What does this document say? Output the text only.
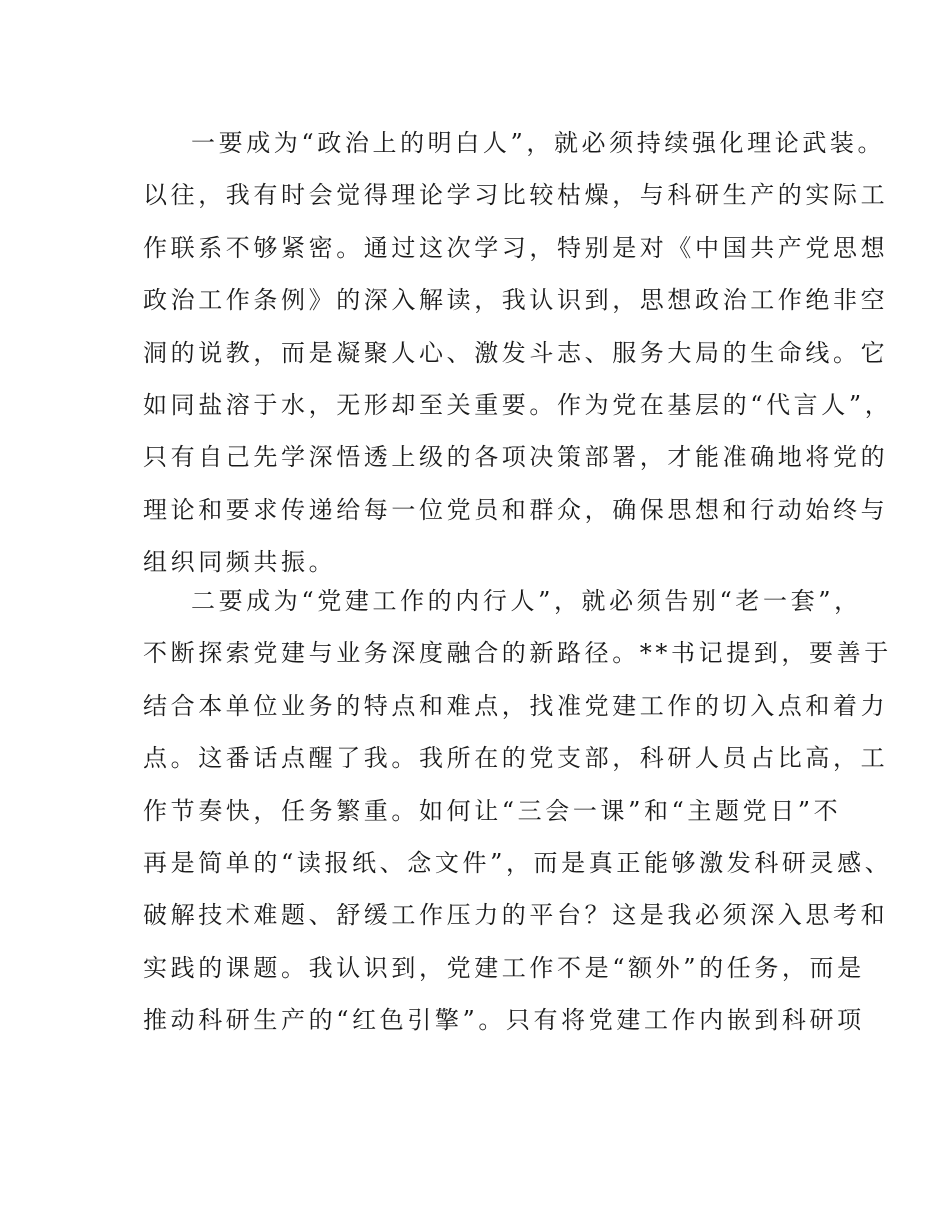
一要成为“政治上的明白人”，就必须持续强化理论武装。
以往，我有时会觉得理论学习比较枯燥，与科研生产的实际工
作联系不够紧密。通过这次学习，特别是对《中国共产党思想
政治工作条例》的深入解读，我认识到，思想政治工作绝非空
洞的说教，而是凝聚人心、激发斗志、服务大局的生命线。它
如同盐溶于水，无形却至关重要。作为党在基层的“代言人”，
只有自己先学深悟透上级的各项决策部署，才能准确地将党的
理论和要求传递给每一位党员和群众，确保思想和行动始终与
组织同频共振。
二要成为“党建工作的内行人”，就必须告别“老一套”，
不断探索党建与业务深度融合的新路径。**书记提到，要善于
结合本单位业务的特点和难点，找准党建工作的切入点和着力
点。这番话点醒了我。我所在的党支部，科研人员占比高，工
作节奏快，任务繁重。如何让“三会一课”和“主题党日”不
再是简单的“读报纸、念文件”，而是真正能够激发科研灵感、
破解技术难题、舒缓工作压力的平台？这是我必须深入思考和
实践的课题。我认识到，党建工作不是“额外”的任务，而是
推动科研生产的“红色引擎”。只有将党建工作内嵌到科研项
